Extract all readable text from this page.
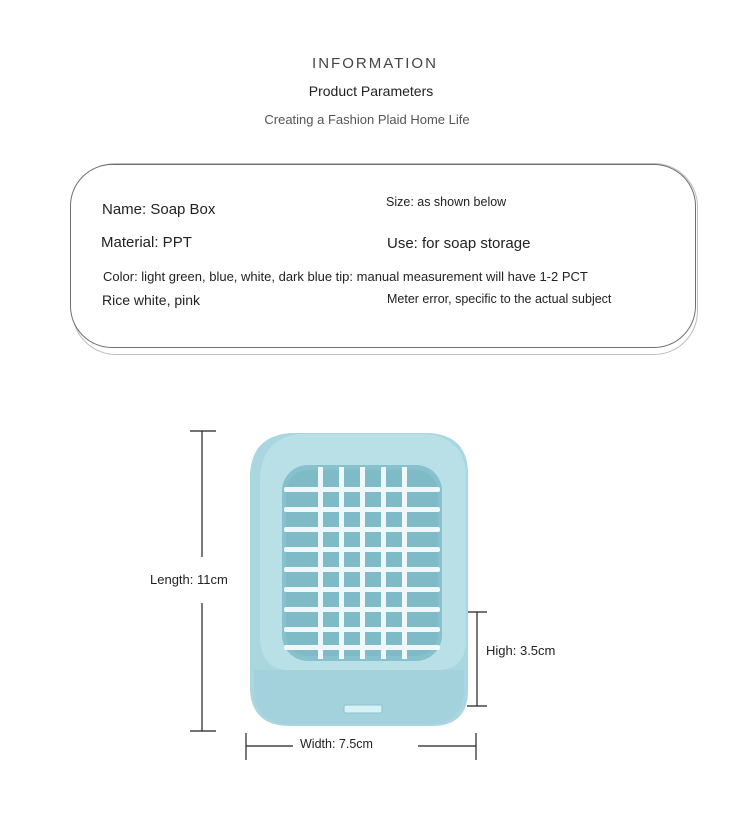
INFORMATION
Product Parameters
Creating a Fashion Plaid Home Life
Name: Soap Box	Size: as shown below
Material: PPT	Use: for soap storage
Color: light green, blue, white, dark blue tip: manual measurement will have 1-2 PCT
Rice white, pink	Meter error, specific to the actual subject
Length: 11cm
High: 3.5cm
Width: 7.5cm
